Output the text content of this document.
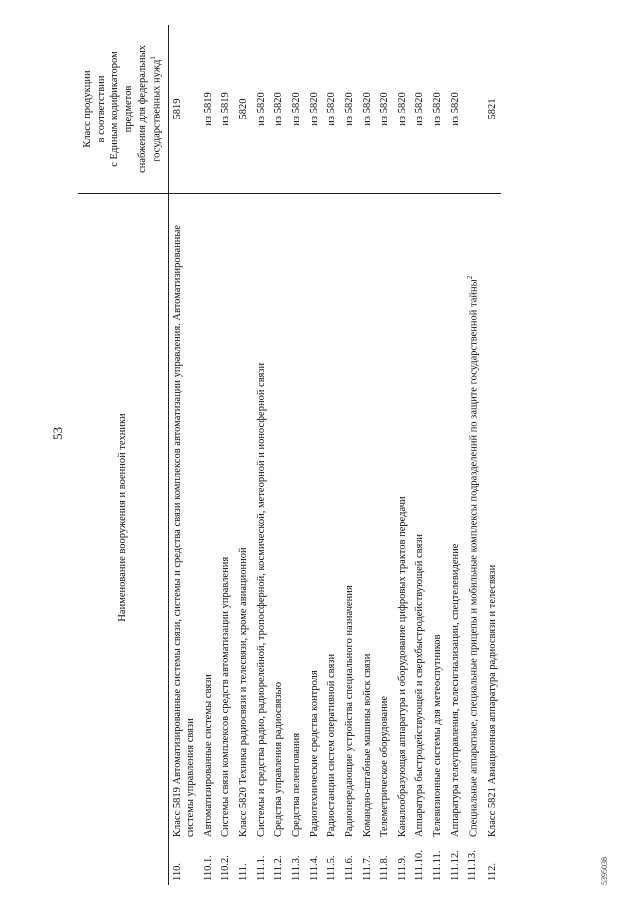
53
5395038
	Наименование вооружения и военной техники	Класс продукции в соответствии с Единым кодификатором предметов снабжения для федеральных государственных нужд$^1$

110.	Класс 5819 Автоматизированные системы связи, системы и средства связи комплексов автоматизации управления. Автоматизированные системы управления связи	5819
110.1.	Автоматизированные системы связи	из 5819
110.2.	Системы связи комплексов средств автоматизации управления	из 5819
111.	Класс 5820 Техника радиосвязи и телесвязи, кроме авиационной	5820
111.1.	Системы и средства радио, радиорелейной, тропосферной, космической, метеорной и ионосферной связи	из 5820
111.2.	Средства управления радиосвязью	из 5820
111.3.	Средства пеленгования	из 5820
111.4.	Радиотехнические средства контроля	из 5820
111.5.	Радиостанции систем оперативной связи	из 5820
111.6.	Радиопередающие устройства специального назначения	из 5820
111.7.	Командно-штабные машины войск связи	из 5820
111.8.	Телеметрическое оборудование	из 5820
111.9.	Каналообразующая аппаратура и оборудование цифровых трактов передачи	из 5820
111.10.	Аппаратура быстродействующей и сверхбыстродействующей связи	из 5820
111.11.	Телевизионные системы для метеоспутников	из 5820
111.12.	Аппаратура телеуправления, телесигнализации, спецтелевидение	из 5820
111.13.	Специальные аппаратные, специальные прицепы и мобильные комплексы подразделений по защите государственной тайны$^2$	
112.	Класс 5821 Авиационная аппаратура радиосвязи и телесвязи	5821
